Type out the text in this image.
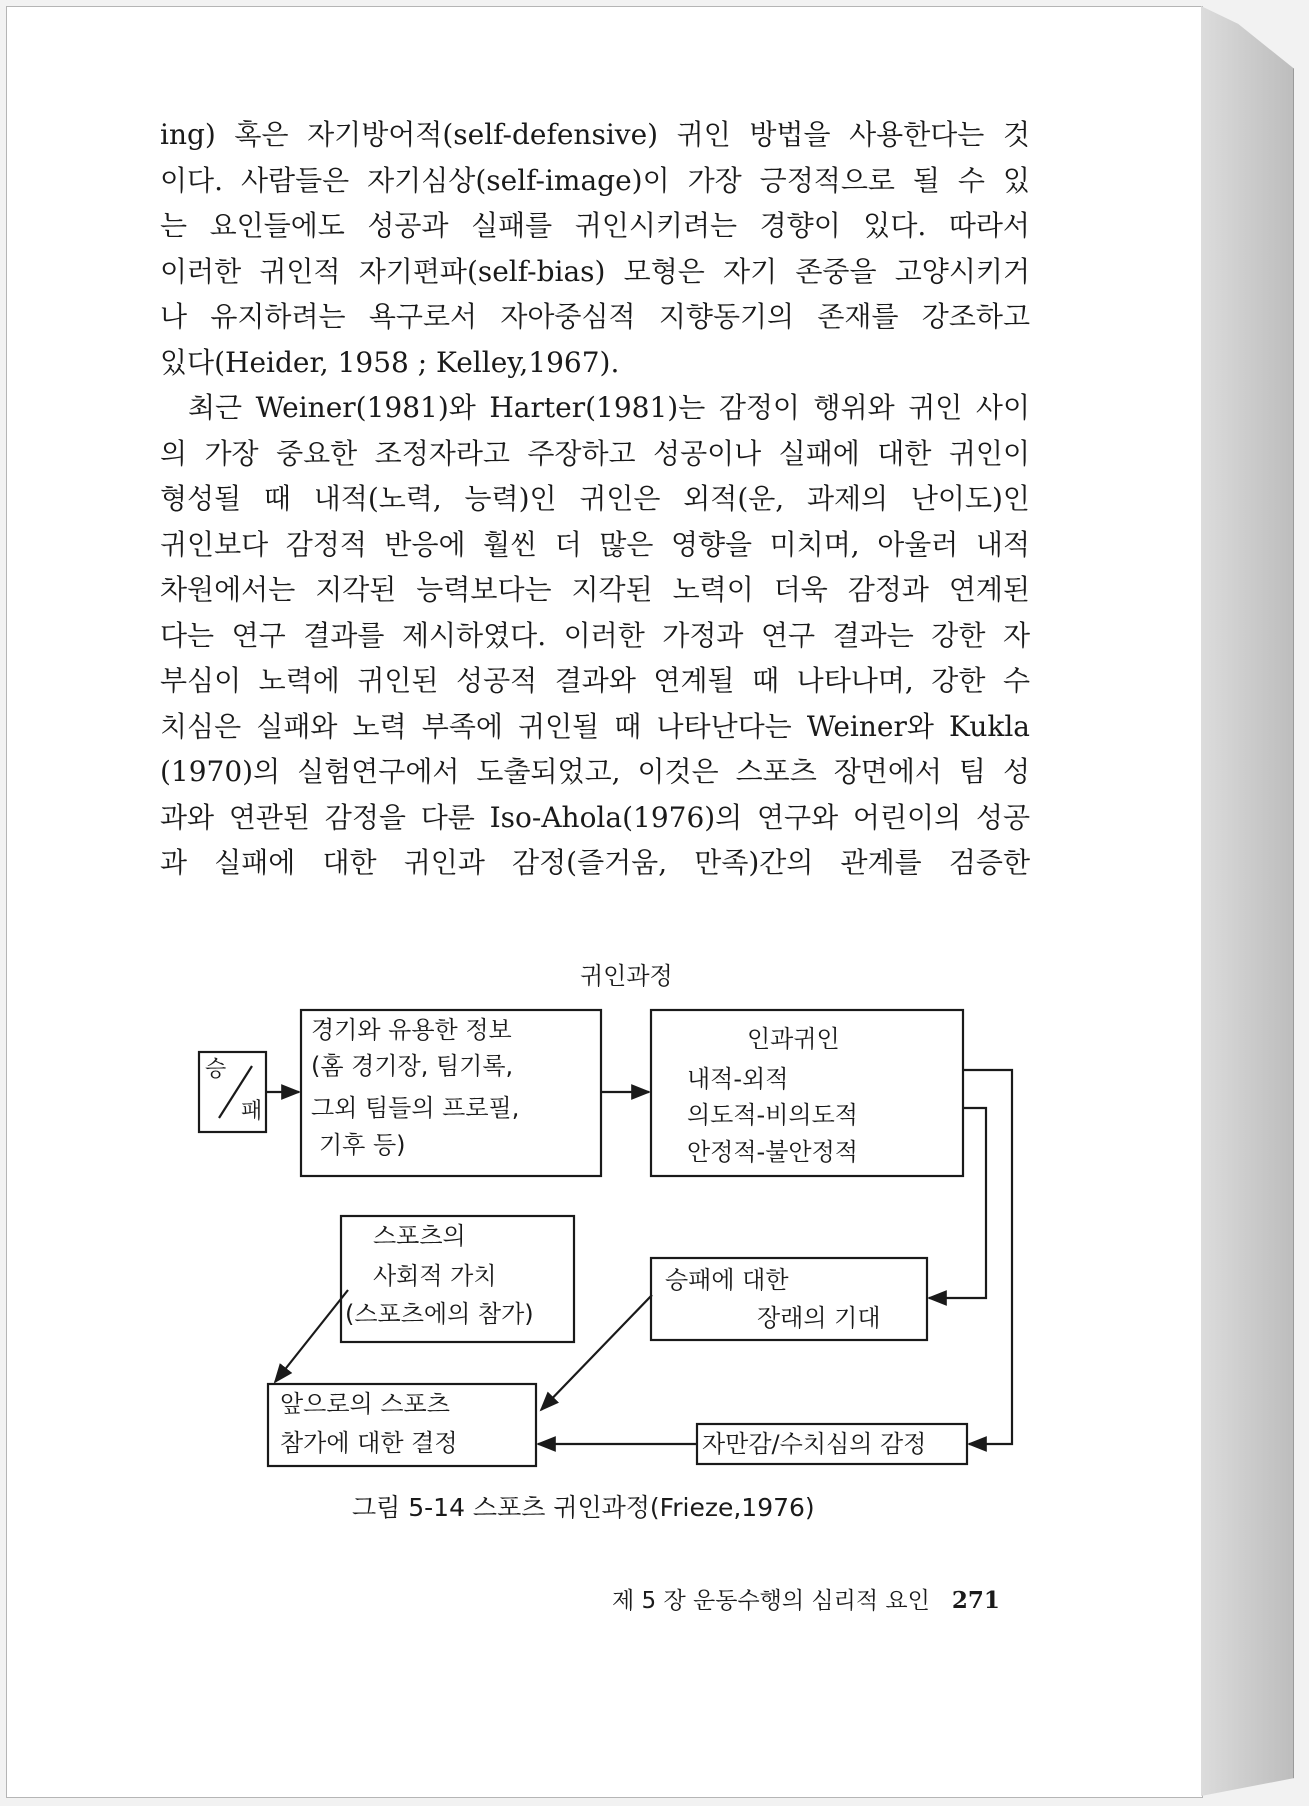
ing) 혹은 자기방어적(self-defensive) 귀인 방법을 사용한다는 것

이다. 사람들은 자기심상(self-image)이 가장 긍정적으로 될 수 있

는 요인들에도 성공과 실패를 귀인시키려는 경향이 있다. 따라서

이러한 귀인적 자기편파(self-bias) 모형은 자기 존중을 고양시키거

나 유지하려는 욕구로서 자아중심적 지향동기의 존재를 강조하고

있다(Heider, 1958 ; Kelley,1967).

최근 Weiner(1981)와 Harter(1981)는 감정이 행위와 귀인 사이

의 가장 중요한 조정자라고 주장하고 성공이나 실패에 대한 귀인이

형성될 때 내적(노력, 능력)인 귀인은 외적(운, 과제의 난이도)인

귀인보다 감정적 반응에 훨씬 더 많은 영향을 미치며, 아울러 내적

차원에서는 지각된 능력보다는 지각된 노력이 더욱 감정과 연계된

다는 연구 결과를 제시하였다. 이러한 가정과 연구 결과는 강한 자

부심이 노력에 귀인된 성공적 결과와 연계될 때 나타나며, 강한 수

치심은 실패와 노력 부족에 귀인될 때 나타난다는 Weiner와 Kukla

(1970)의 실험연구에서 도출되었고, 이것은 스포츠 장면에서 팀 성

과와 연관된 감정을 다룬 Iso-Ahola(1976)의 연구와 어린이의 성공

과 실패에 대한 귀인과 감정(즐거움, 만족)간의 관계를 검증한

귀인과정
승
패
경기와 유용한 정보
(홈 경기장, 팀기록,
그외 팀들의 프로필,
기후 등)
인과귀인
내적-외적
의도적-비의도적
안정적-불안정적
스포츠의
사회적 가치
(스포츠에의 참가)
승패에 대한
장래의 기대
앞으로의 스포츠
참가에 대한 결정	자만감/수치심의 감정
그림 5-14 스포츠 귀인과정(Frieze,1976)
제 5 장 운동수행의 심리적 요인 271
